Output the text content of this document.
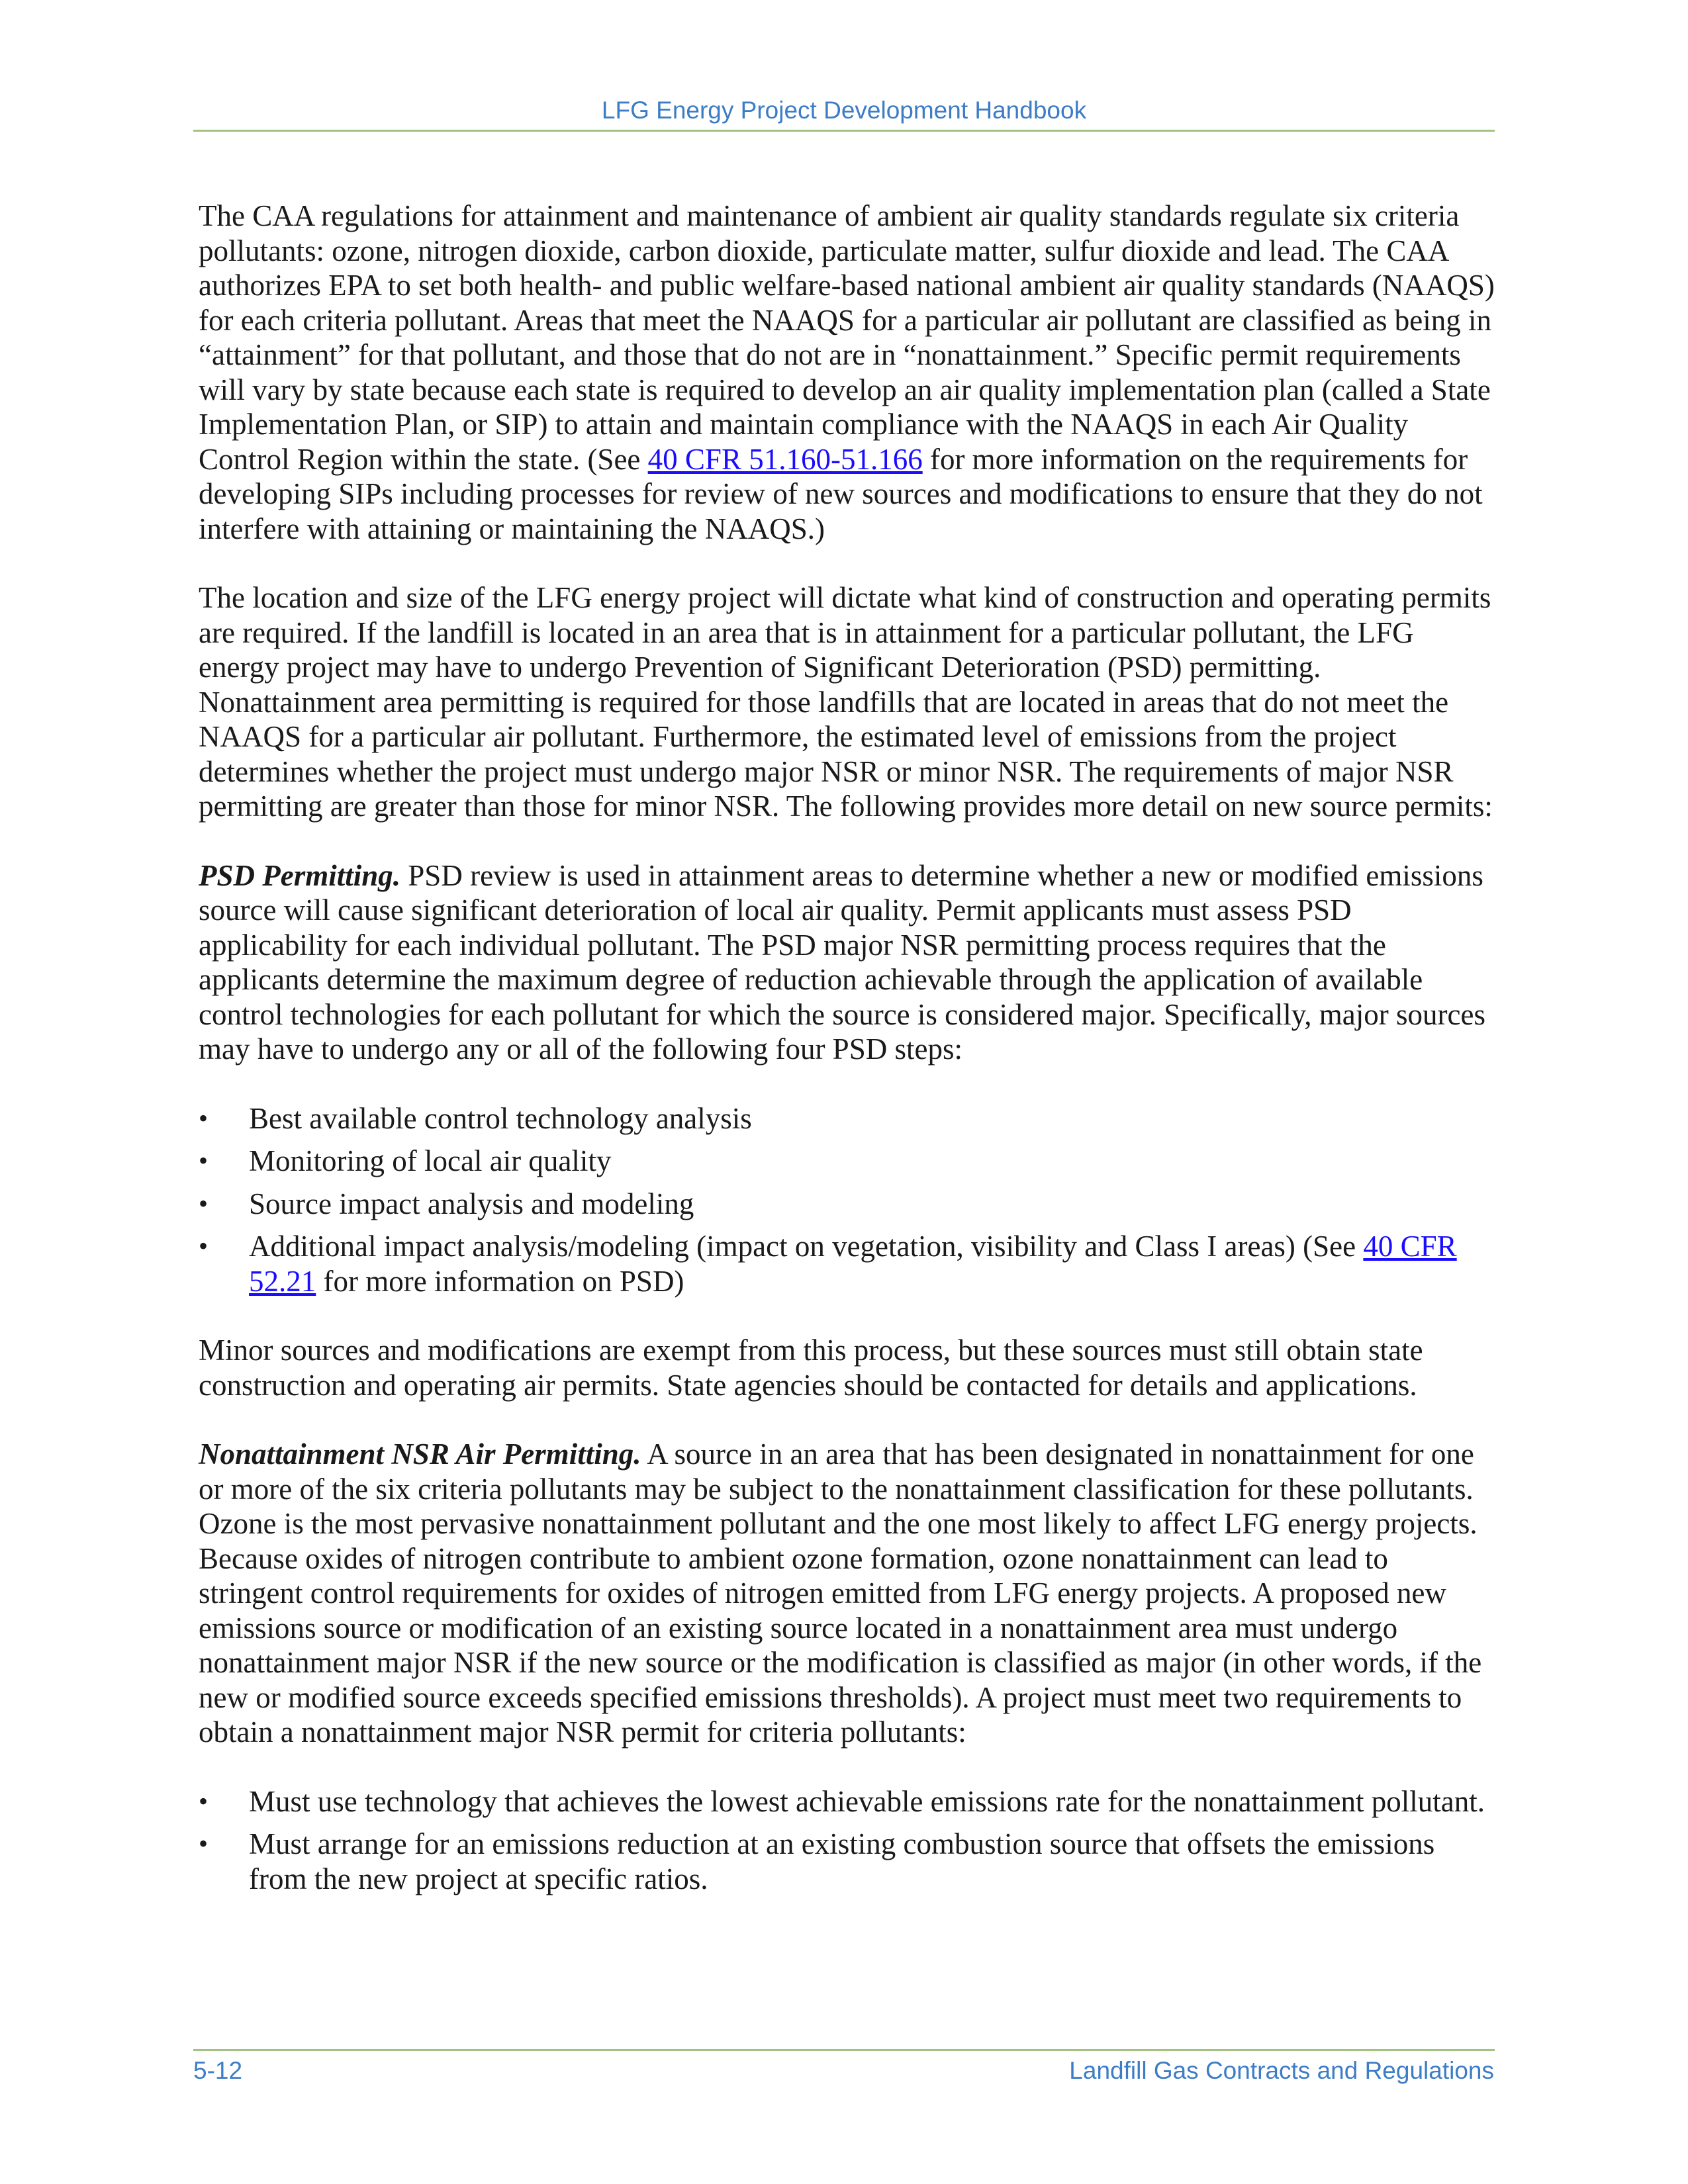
LFG Energy Project Development Handbook

The CAA regulations for attainment and maintenance of ambient air quality standards regulate six criteria pollutants: ozone, nitrogen dioxide, carbon dioxide, particulate matter, sulfur dioxide and lead. The CAA authorizes EPA to set both health- and public welfare-based national ambient air quality standards (NAAQS) for each criteria pollutant. Areas that meet the NAAQS for a particular air pollutant are classified as being in “attainment” for that pollutant, and those that do not are in “nonattainment.” Specific permit requirements will vary by state because each state is required to develop an air quality implementation plan (called a State Implementation Plan, or SIP) to attain and maintain compliance with the NAAQS in each Air Quality Control Region within the state. (See 40 CFR 51.160-51.166 for more information on the requirements for developing SIPs including processes for review of new sources and modifications to ensure that they do not interfere with attaining or maintaining the NAAQS.)

The location and size of the LFG energy project will dictate what kind of construction and operating permits are required. If the landfill is located in an area that is in attainment for a particular pollutant, the LFG energy project may have to undergo Prevention of Significant Deterioration (PSD) permitting. Nonattainment area permitting is required for those landfills that are located in areas that do not meet the NAAQS for a particular air pollutant. Furthermore, the estimated level of emissions from the project determines whether the project must undergo major NSR or minor NSR. The requirements of major NSR permitting are greater than those for minor NSR. The following provides more detail on new source permits:

PSD Permitting. PSD review is used in attainment areas to determine whether a new or modified emissions source will cause significant deterioration of local air quality. Permit applicants must assess PSD applicability for each individual pollutant. The PSD major NSR permitting process requires that the applicants determine the maximum degree of reduction achievable through the application of available control technologies for each pollutant for which the source is considered major. Specifically, major sources may have to undergo any or all of the following four PSD steps:

•	Best available control technology analysis
•	Monitoring of local air quality
•	Source impact analysis and modeling
•	Additional impact analysis/modeling (impact on vegetation, visibility and Class I areas) (See 40 CFR 52.21 for more information on PSD)

Minor sources and modifications are exempt from this process, but these sources must still obtain state construction and operating air permits. State agencies should be contacted for details and applications.

Nonattainment NSR Air Permitting. A source in an area that has been designated in nonattainment for one or more of the six criteria pollutants may be subject to the nonattainment classification for these pollutants. Ozone is the most pervasive nonattainment pollutant and the one most likely to affect LFG energy projects. Because oxides of nitrogen contribute to ambient ozone formation, ozone nonattainment can lead to stringent control requirements for oxides of nitrogen emitted from LFG energy projects. A proposed new emissions source or modification of an existing source located in a nonattainment area must undergo nonattainment major NSR if the new source or the modification is classified as major (in other words, if the new or modified source exceeds specified emissions thresholds). A project must meet two requirements to obtain a nonattainment major NSR permit for criteria pollutants:

•	Must use technology that achieves the lowest achievable emissions rate for the nonattainment pollutant.
•	Must arrange for an emissions reduction at an existing combustion source that offsets the emissions from the new project at specific ratios.
5-12	Landfill Gas Contracts and Regulations
